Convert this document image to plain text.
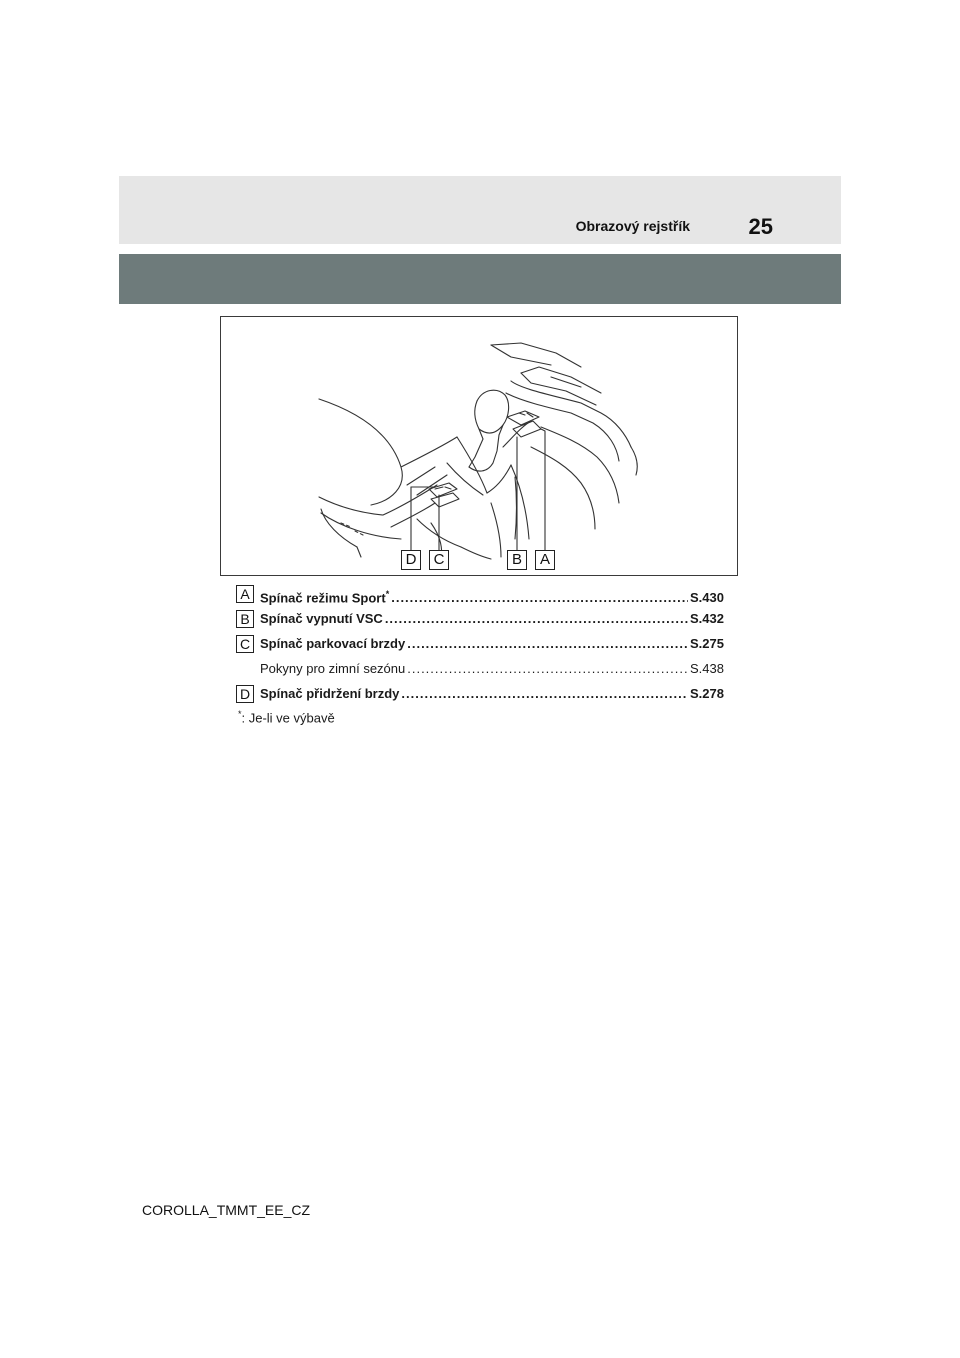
Obrazový rejstřík	25
D	C	B	A
A Spínač režimu Sport* .....	S.430
B Spínač vypnutí VSC .....	S.432
C Spínač parkovací brzdy .....	S.275
Pokyny pro zimní sezónu .....	S.438
D Spínač přidržení brzdy .....	S.278
*: Je-li ve výbavě
COROLLA_TMMT_EE_CZ
